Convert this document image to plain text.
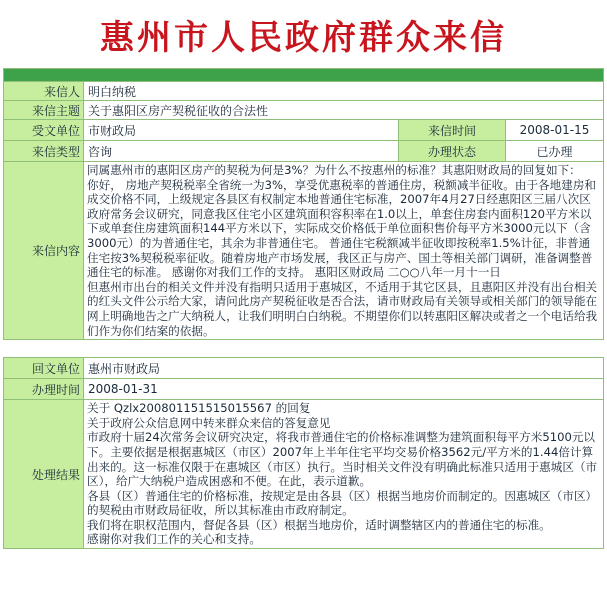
惠州市人民政府群众来信
来信人 明白纳税
来信主题 关于惠阳区房产契税征收的合法性
受文单位 市财政局	来信时间	2008-01-15
来信类型 咨询	办理状态	已办理
来信内容

同属惠州市的惠阳区房产的契税为何是3%？为什么不按惠州的标准？其惠阳财政局的回复如下：

你好， 房地产契税税率全省统一为3%，享受优惠税率的普通住房，税额减半征收。由于各地建房和成交价格不同，上级规定各县区有权制定本地普通住宅标准，2007年4月27日经惠阳区三届八次区政府常务会议研究，同意我区住宅小区建筑面积容积率在1.0以上，单套住房套内面积120平方米以下或单套住房建筑面积144平方米以下，实际成交价格低于单位面积售价每平方米3000元以下（含3000元）的为普通住宅，其余为非普通住宅。 普通住宅税额减半征收即按税率1.5%计征，非普通住宅按3%契税税率征收。随着房地产市场发展，我区正与房产、国土等相关部门调研，准备调整普通住宅的标准。 感谢你对我们工作的支持。 惠阳区财政局 二○○八年一月十一日

但惠州市出台的相关文件并没有指明只适用于惠城区，不适用于其它区县，且惠阳区并没有出台相关的红头文件公示给大家，请问此房产契税征收是否合法，请市财政局有关领导或相关部门的领导能在网上明确地告之广大纳税人，让我们明明白白纳税。不期望你们以转惠阳区解决或者之一个电话给我们作为你们结案的依据。

回文单位 惠州市财政局
办理时间 2008-01-31
处理结果

关于 Qzlx200801151515015567 的回复

关于政府公众信息网中转来群众来信的答复意见

市政府十届24次常务会议研究决定，将我市普通住宅的价格标准调整为建筑面积每平方米5100元以下。主要依据是根据惠城区（市区）2007年上半年住宅平均交易价格3562元/平方米的1.44倍计算出来的。这一标准仅限于在惠城区（市区）执行。当时相关文件没有明确此标准只适用于惠城区（市区），给广大纳税户造成困惑和不便。在此，表示道歉。

各县（区）普通住宅的价格标准，按规定是由各县（区）根据当地房价而制定的。因惠城区（市区）的契税由市财政局征收，所以其标准由市政府制定。

我们将在职权范围内，督促各县（区）根据当地房价，适时调整辖区内的普通住宅的标准。

感谢你对我们工作的关心和支持。
